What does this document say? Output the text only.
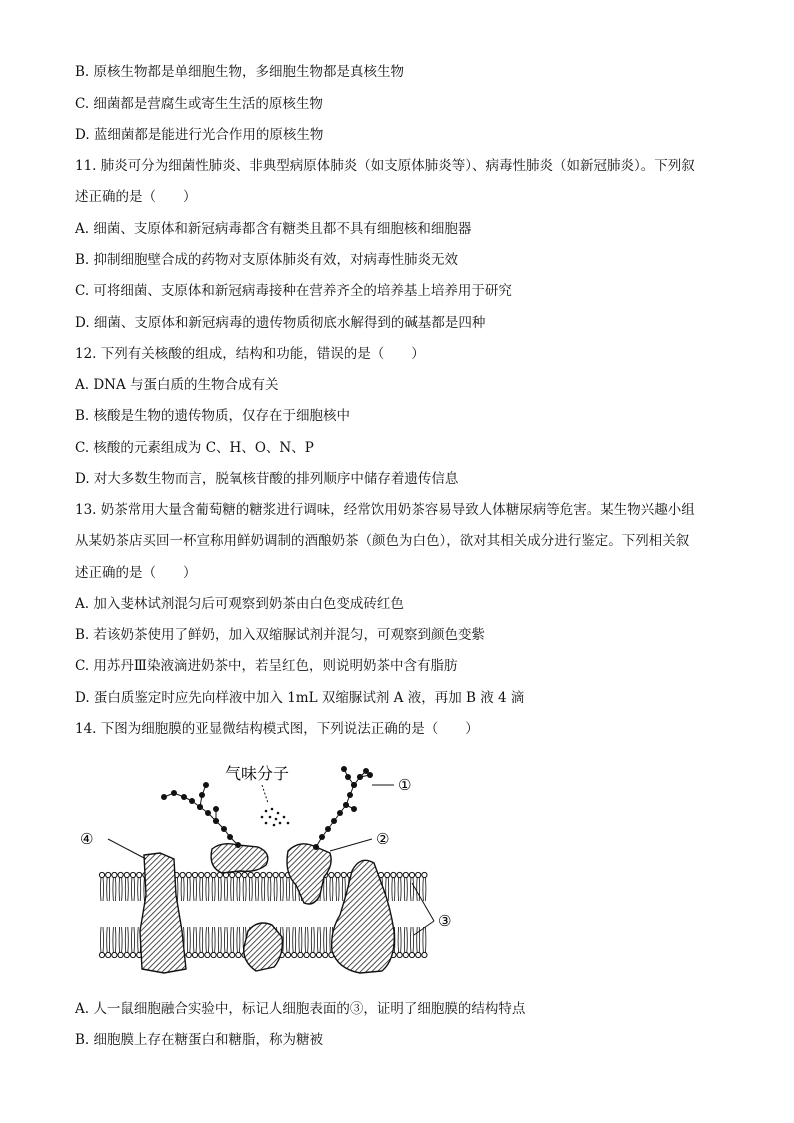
B. 原核生物都是单细胞生物，多细胞生物都是真核生物
C. 细菌都是营腐生或寄生生活的原核生物
D. 蓝细菌都是能进行光合作用的原核生物
11. 肺炎可分为细菌性肺炎、非典型病原体肺炎（如支原体肺炎等）、病毒性肺炎（如新冠肺炎）。下列叙
述正确的是（　　）
A. 细菌、支原体和新冠病毒都含有糖类且都不具有细胞核和细胞器
B. 抑制细胞壁合成的药物对支原体肺炎有效，对病毒性肺炎无效
C. 可将细菌、支原体和新冠病毒接种在营养齐全的培养基上培养用于研究
D. 细菌、支原体和新冠病毒的遗传物质彻底水解得到的碱基都是四种
12. 下列有关核酸的组成，结构和功能，错误的是（　　）
A. DNA 与蛋白质的生物合成有关
B. 核酸是生物的遗传物质，仅存在于细胞核中
C. 核酸的元素组成为 C、H、O、N、P
D. 对大多数生物而言，脱氧核苷酸的排列顺序中储存着遗传信息
13. 奶茶常用大量含葡萄糖的糖浆进行调味，经常饮用奶茶容易导致人体糖尿病等危害。某生物兴趣小组
从某奶茶店买回一杯宣称用鲜奶调制的酒酿奶茶（颜色为白色），欲对其相关成分进行鉴定。下列相关叙
述正确的是（　　）
A. 加入斐林试剂混匀后可观察到奶茶由白色变成砖红色
B. 若该奶茶使用了鲜奶，加入双缩脲试剂并混匀，可观察到颜色变紫
C. 用苏丹Ⅲ染液滴进奶茶中，若呈红色，则说明奶茶中含有脂肪
D. 蛋白质鉴定时应先向样液中加入 1mL 双缩脲试剂 A 液，再加 B 液 4 滴
14. 下图为细胞膜的亚显微结构模式图，下列说法正确的是（　　）
气味分子
①
②
③
④
A. 人一鼠细胞融合实验中，标记人细胞表面的③，证明了细胞膜的结构特点
B. 细胞膜上存在糖蛋白和糖脂，称为糖被
